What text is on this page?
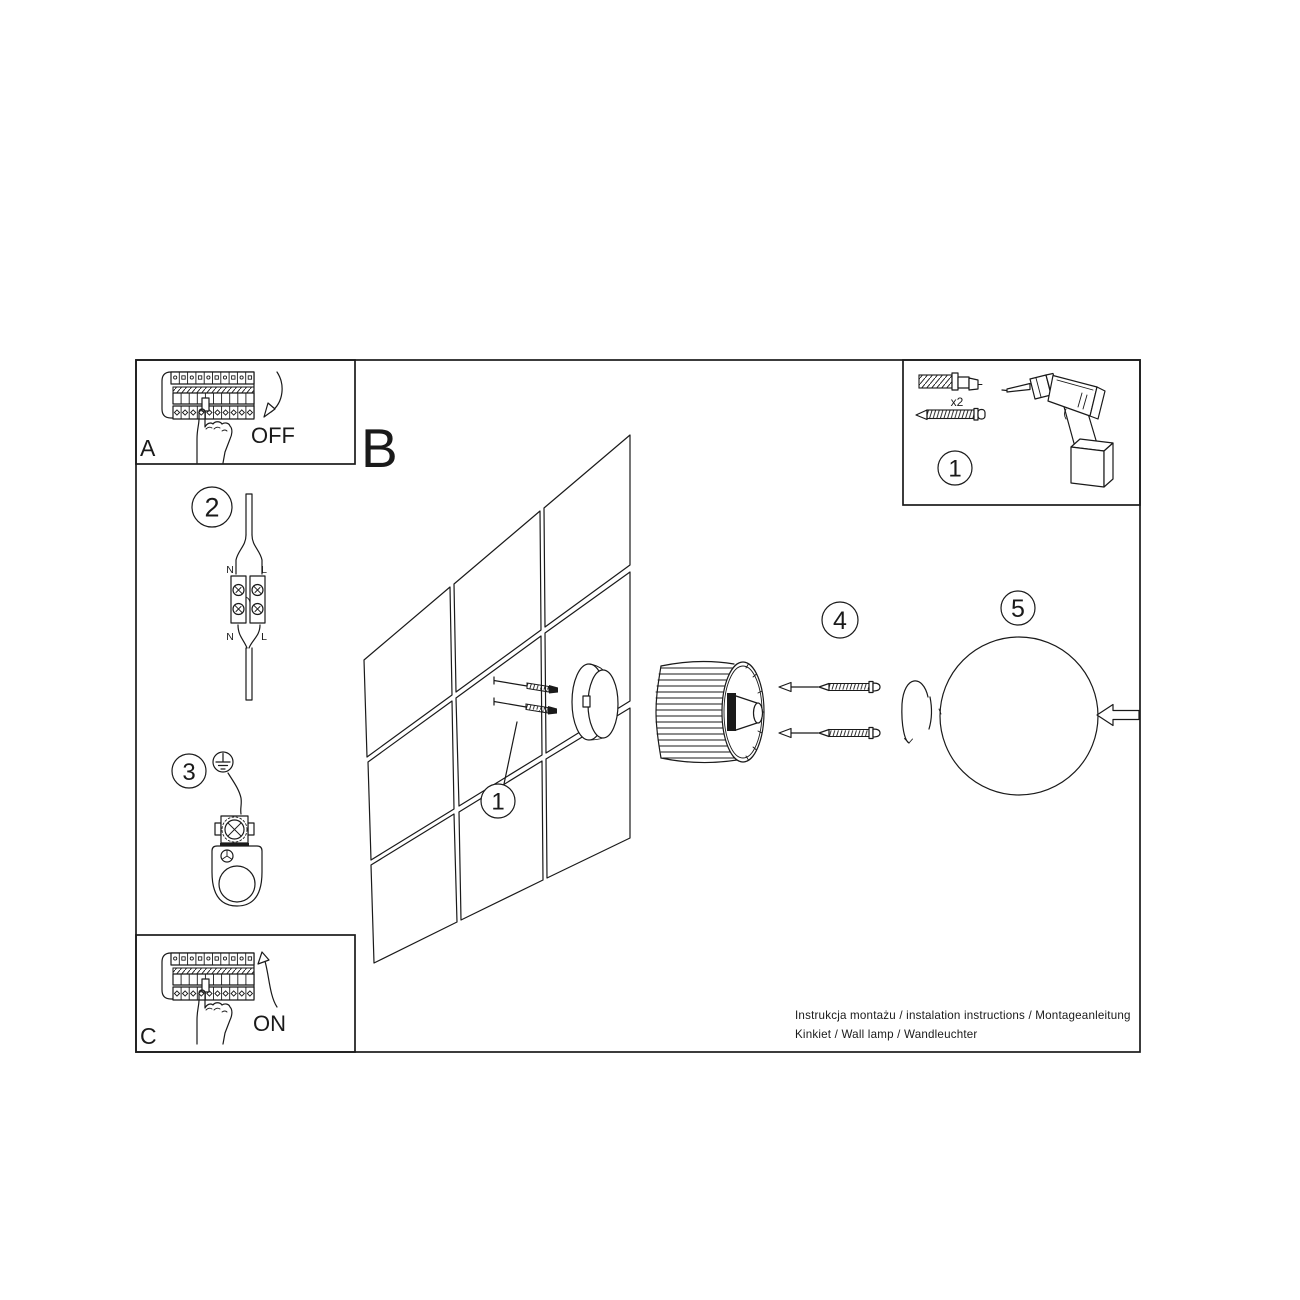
A	OFF
C	ON
B
x2
1
2
N	L
N	L
3
1
4	5
Instrukcja montażu / instalation instructions / Montageanleitung
Kinkiet / Wall lamp / Wandleuchter
